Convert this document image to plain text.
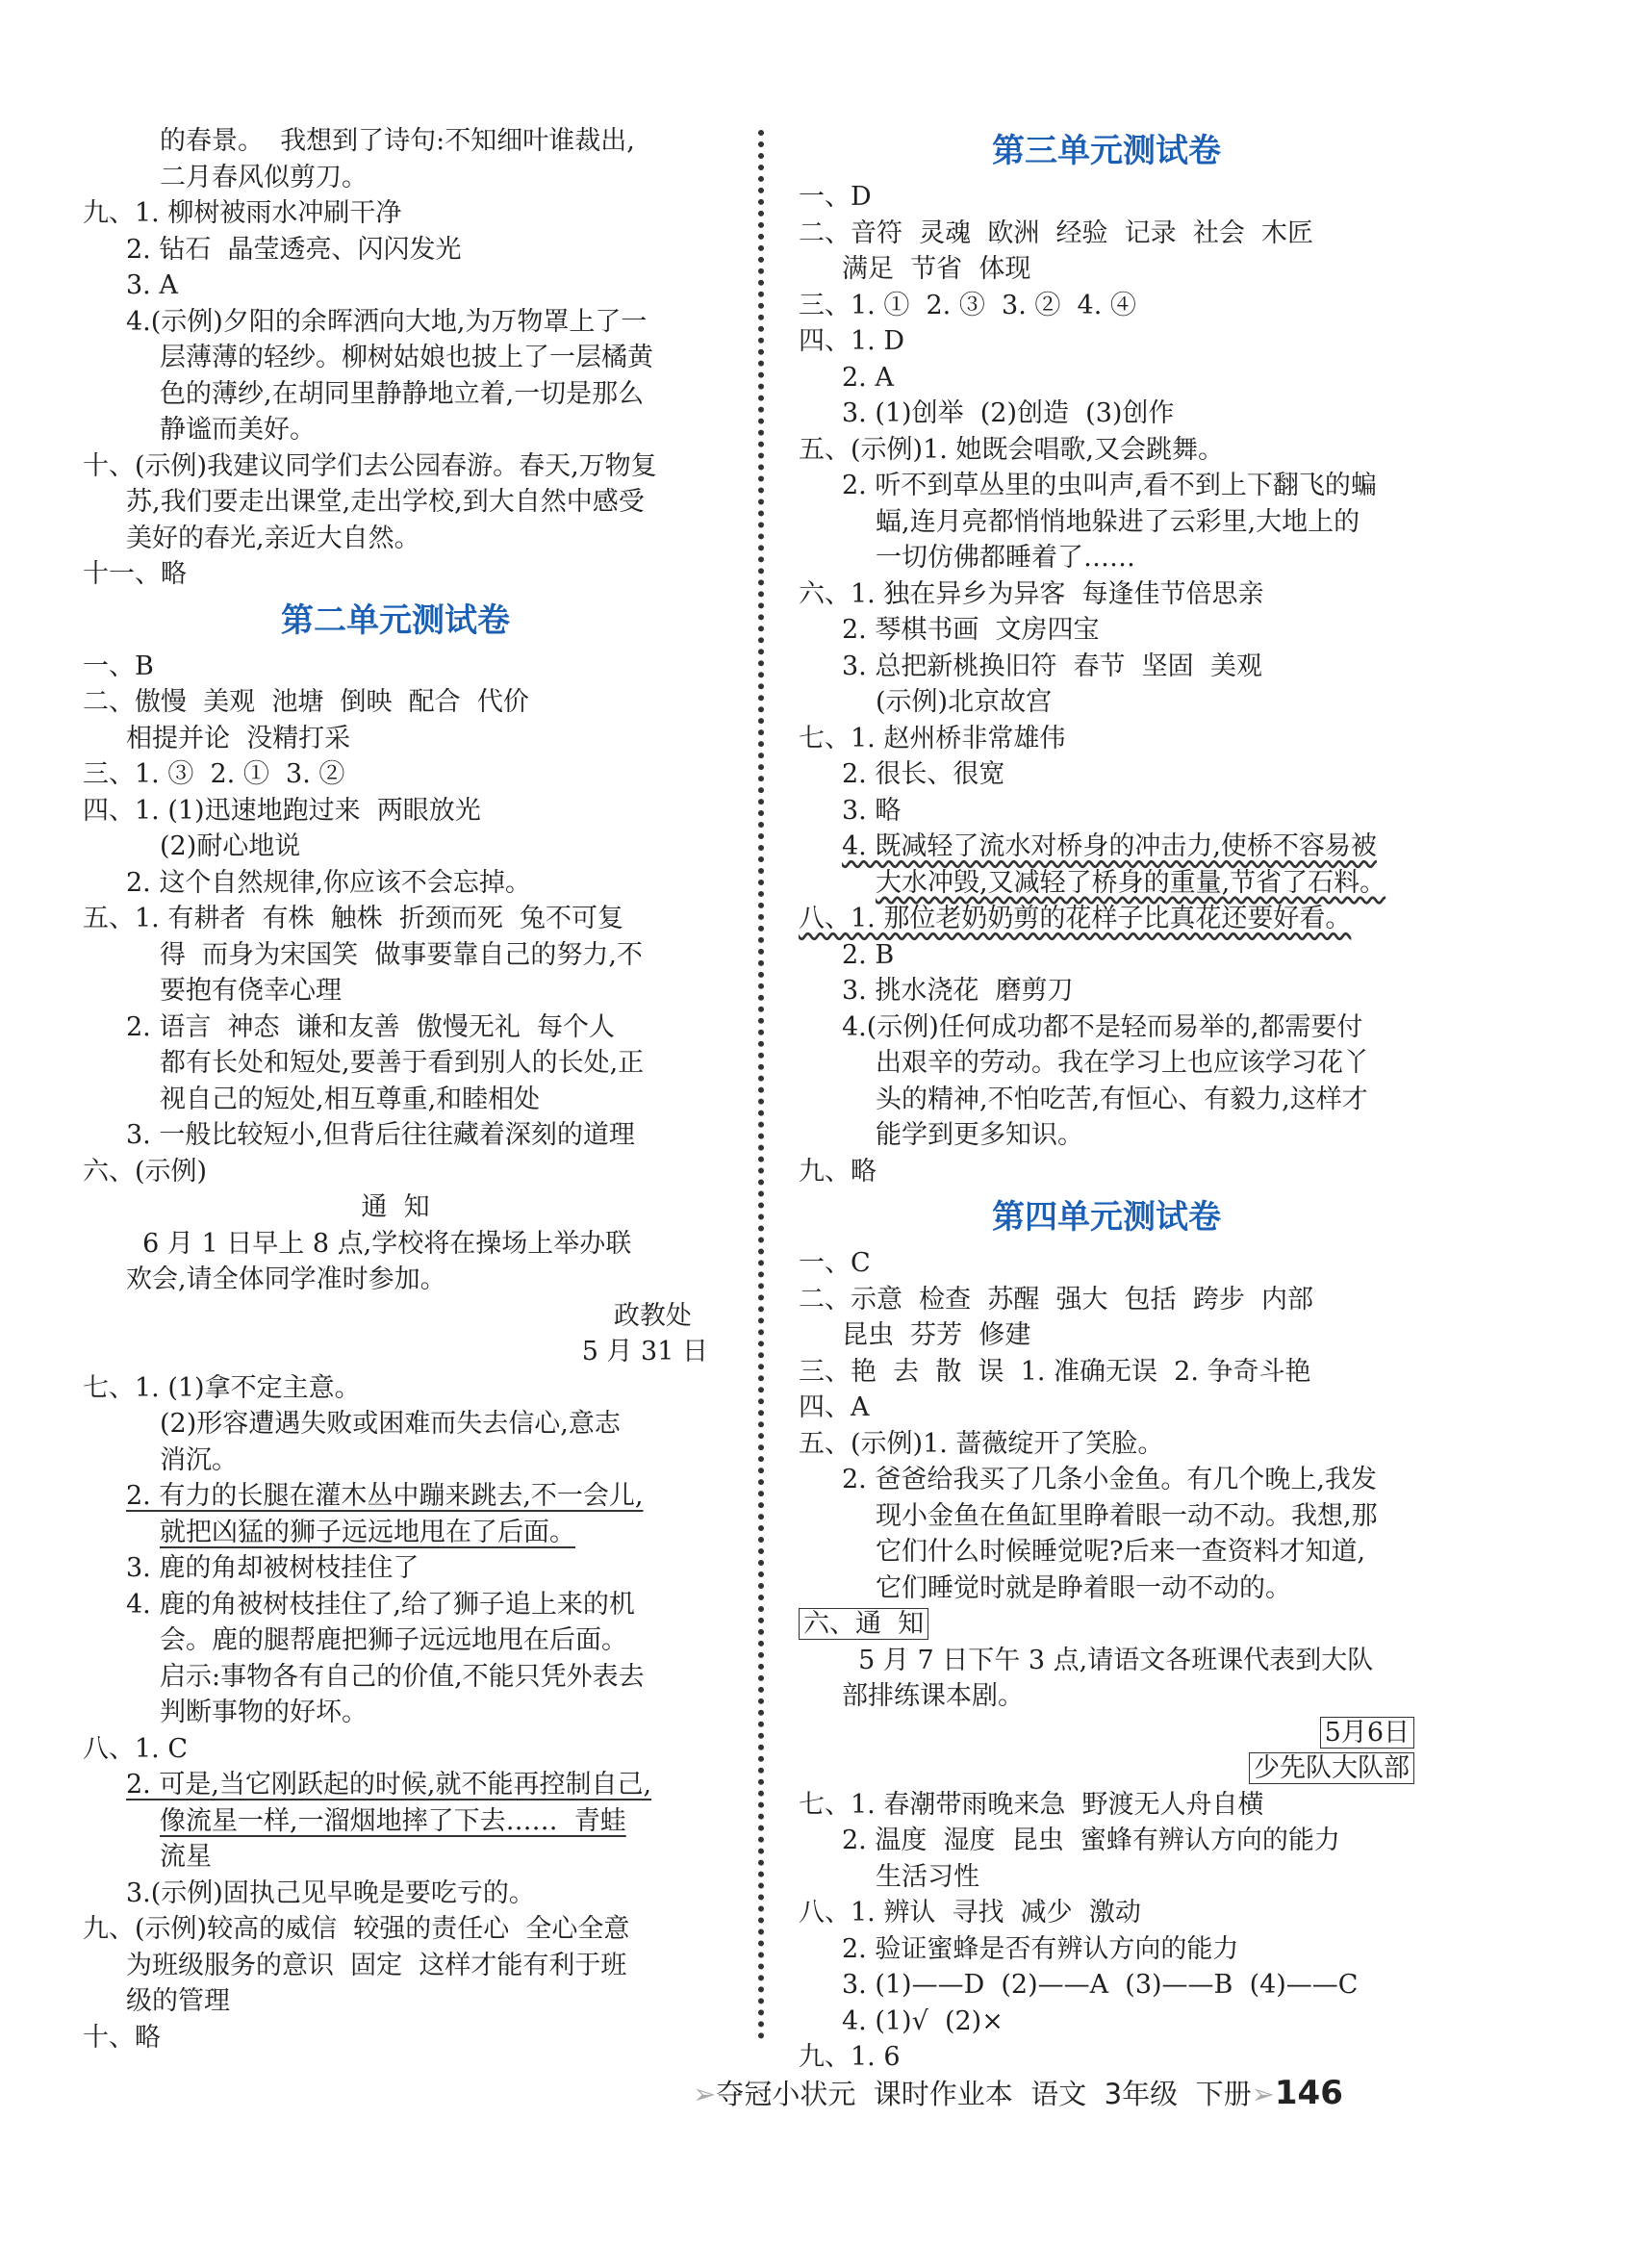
的春景。  我想到了诗句:不知细叶谁裁出,
二月春风似剪刀。
九、1. 柳树被雨水冲刷干净
2. 钻石  晶莹透亮、闪闪发光
3. A
4.(示例)夕阳的余晖洒向大地,为万物罩上了一
层薄薄的轻纱。柳树姑娘也披上了一层橘黄
色的薄纱,在胡同里静静地立着,一切是那么
静谧而美好。
十、(示例)我建议同学们去公园春游。春天,万物复
苏,我们要走出课堂,走出学校,到大自然中感受
美好的春光,亲近大自然。
十一、略
第二单元测试卷
一、B
二、傲慢  美观  池塘  倒映  配合  代价
相提并论  没精打采
三、1. ③  2. ①  3. ②
四、1. (1)迅速地跑过来  两眼放光
(2)耐心地说
2. 这个自然规律,你应该不会忘掉。
五、1. 有耕者  有株  触株  折颈而死  兔不可复
得  而身为宋国笑  做事要靠自己的努力,不
要抱有侥幸心理
2. 语言  神态  谦和友善  傲慢无礼  每个人
都有长处和短处,要善于看到别人的长处,正
视自己的短处,相互尊重,和睦相处
3. 一般比较短小,但背后往往藏着深刻的道理
六、(示例)
通  知
6 月 1 日早上 8 点,学校将在操场上举办联
欢会,请全体同学准时参加。
政教处
5 月 31 日
七、1. (1)拿不定主意。
(2)形容遭遇失败或困难而失去信心,意志
消沉。
2. 有力的长腿在灌木丛中蹦来跳去,不一会儿,
就把凶猛的狮子远远地甩在了后面。
3. 鹿的角却被树枝挂住了
4. 鹿的角被树枝挂住了,给了狮子追上来的机
会。鹿的腿帮鹿把狮子远远地甩在后面。
启示:事物各有自己的价值,不能只凭外表去
判断事物的好坏。
八、1. C
2. 可是,当它刚跃起的时候,就不能再控制自己,
像流星一样,一溜烟地摔了下去……  青蛙
流星
3.(示例)固执己见早晚是要吃亏的。
九、(示例)较高的威信  较强的责任心  全心全意
为班级服务的意识  固定  这样才能有利于班
级的管理
十、略
第三单元测试卷
一、D
二、音符  灵魂  欧洲  经验  记录  社会  木匠
满足  节省  体现
三、1. ①  2. ③  3. ②  4. ④
四、1. D
2. A
3. (1)创举  (2)创造  (3)创作
五、(示例)1. 她既会唱歌,又会跳舞。
2. 听不到草丛里的虫叫声,看不到上下翻飞的蝙
蝠,连月亮都悄悄地躲进了云彩里,大地上的
一切仿佛都睡着了……
六、1. 独在异乡为异客  每逢佳节倍思亲
2. 琴棋书画  文房四宝
3. 总把新桃换旧符  春节  坚固  美观
(示例)北京故宫
七、1. 赵州桥非常雄伟
2. 很长、很宽
3. 略
4. 既减轻了流水对桥身的冲击力,使桥不容易被
大水冲毁,又减轻了桥身的重量,节省了石料。
八、1. 那位老奶奶剪的花样子比真花还要好看。
2. B
3. 挑水浇花  磨剪刀
4.(示例)任何成功都不是轻而易举的,都需要付
出艰辛的劳动。我在学习上也应该学习花丫
头的精神,不怕吃苦,有恒心、有毅力,这样才
能学到更多知识。
九、略
第四单元测试卷
一、C
二、示意  检查  苏醒  强大  包括  跨步  内部
昆虫  芬芳  修建
三、艳  去  散  误  1. 准确无误  2. 争奇斗艳
四、A
五、(示例)1. 蔷薇绽开了笑脸。
2. 爸爸给我买了几条小金鱼。有几个晚上,我发
现小金鱼在鱼缸里睁着眼一动不动。我想,那
它们什么时候睡觉呢?后来一查资料才知道,
它们睡觉时就是睁着眼一动不动的。
六、通  知
5 月 7 日下午 3 点,请语文各班课代表到大队
部排练课本剧。
5月6日
少先队大队部
七、1. 春潮带雨晚来急  野渡无人舟自横
2. 温度  湿度  昆虫  蜜蜂有辨认方向的能力
生活习性
八、1. 辨认  寻找  减少  激动
2. 验证蜜蜂是否有辨认方向的能力
3. (1)——D  (2)——A  (3)——B  (4)——C
4. (1)√  (2)×
九、1. 6
➢夺冠小状元 课时作业本 语文 3年级 下册➢146
